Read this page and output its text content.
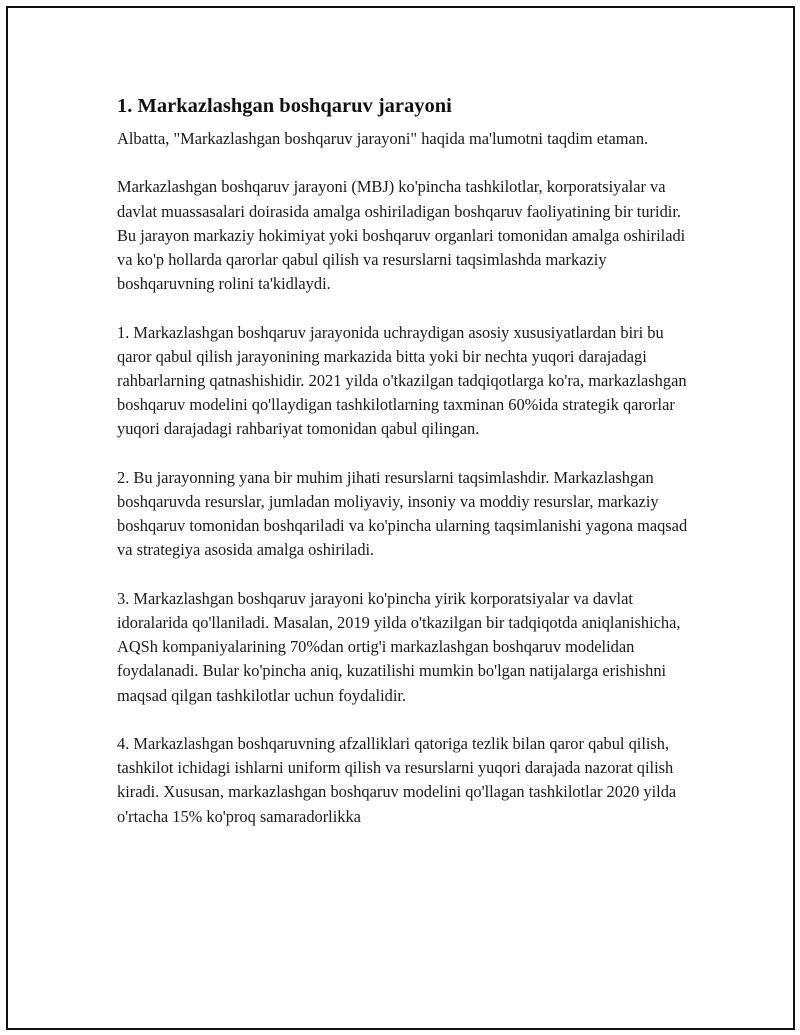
1. Markazlashgan boshqaruv jarayoni

Albatta, "Markazlashgan boshqaruv jarayoni" haqida ma'lumotni taqdim etaman.

Markazlashgan boshqaruv jarayoni (MBJ) ko'pincha tashkilotlar, korporatsiyalar va davlat muassasalari doirasida amalga oshiriladigan boshqaruv faoliyatining bir turidir. Bu jarayon markaziy hokimiyat yoki boshqaruv organlari tomonidan amalga oshiriladi va ko'p hollarda qarorlar qabul qilish va resurslarni taqsimlashda markaziy boshqaruvning rolini ta'kidlaydi.

1. Markazlashgan boshqaruv jarayonida uchraydigan asosiy xususiyatlardan biri bu qaror qabul qilish jarayonining markazida bitta yoki bir nechta yuqori darajadagi rahbarlarning qatnashishidir. 2021 yilda o'tkazilgan tadqiqotlarga ko'ra, markazlashgan boshqaruv modelini qo'llaydigan tashkilotlarning taxminan 60%ida strategik qarorlar yuqori darajadagi rahbariyat tomonidan qabul qilingan.

2. Bu jarayonning yana bir muhim jihati resurslarni taqsimlashdir. Markazlashgan boshqaruvda resurslar, jumladan moliyaviy, insoniy va moddiy resurslar, markaziy boshqaruv tomonidan boshqariladi va ko'pincha ularning taqsimlanishi yagona maqsad va strategiya asosida amalga oshiriladi.

3. Markazlashgan boshqaruv jarayoni ko'pincha yirik korporatsiyalar va davlat idoralarida qo'llaniladi. Masalan, 2019 yilda o'tkazilgan bir tadqiqotda aniqlanishicha, AQSh kompaniyalarining 70%dan ortig'i markazlashgan boshqaruv modelidan foydalanadi. Bular ko'pincha aniq, kuzatilishi mumkin bo'lgan natijalarga erishishni maqsad qilgan tashkilotlar uchun foydalidir.

4. Markazlashgan boshqaruvning afzalliklari qatoriga tezlik bilan qaror qabul qilish, tashkilot ichidagi ishlarni uniform qilish va resurslarni yuqori darajada nazorat qilish kiradi. Xususan, markazlashgan boshqaruv modelini qo'llagan tashkilotlar 2020 yilda o'rtacha 15% ko'proq samaradorlikka
